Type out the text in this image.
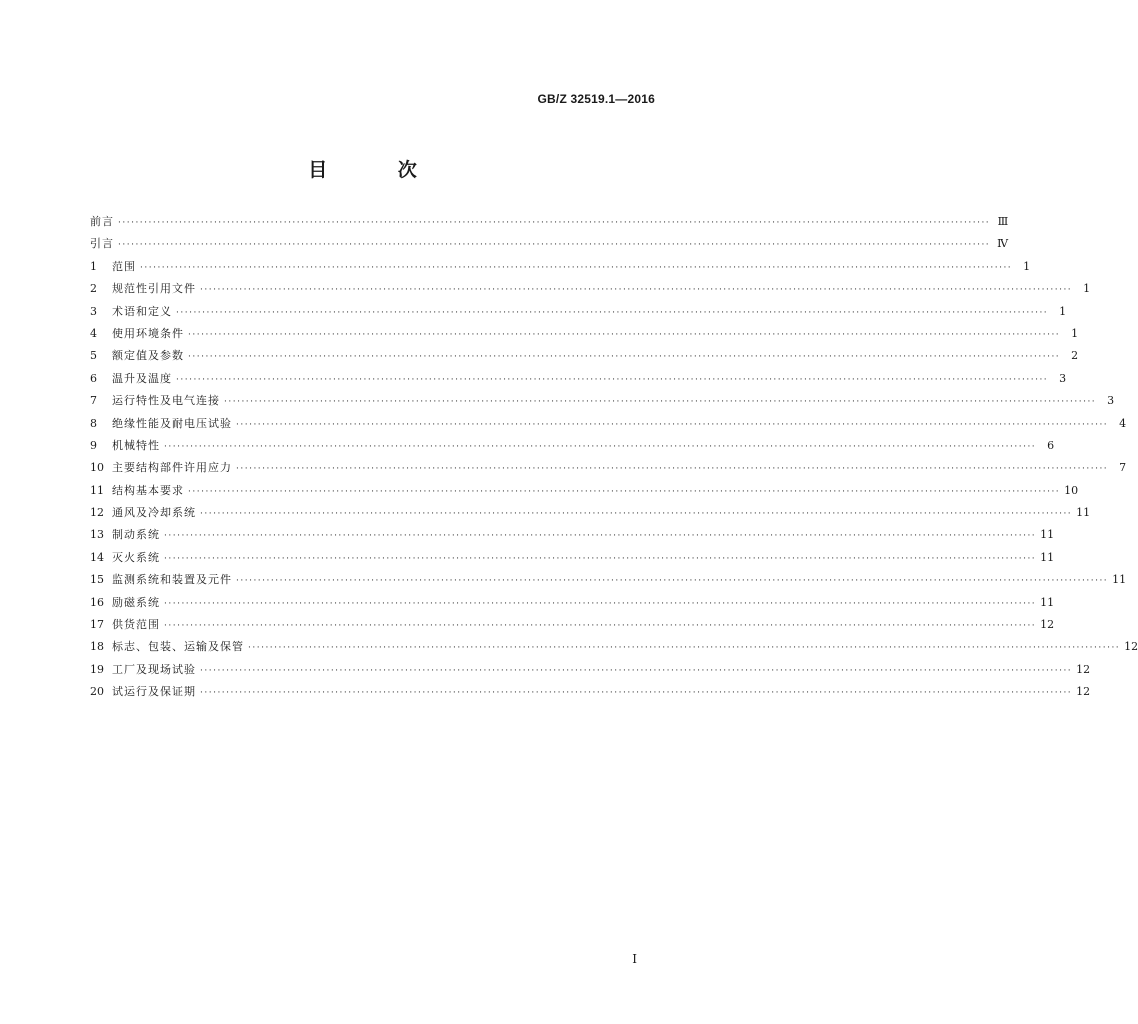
GB/Z 32519.1—2016
目 次
前言 ········································································································································································································ Ⅲ
引言 ········································································································································································································ Ⅳ
1	范围 ········································································································································································································	1
2	规范性引用文件 ········································································································································································································	1
3	术语和定义 ········································································································································································································	1
4	使用环境条件 ········································································································································································································	1
5	额定值及参数 ········································································································································································································	2
6	温升及温度 ········································································································································································································	3
7	运行特性及电气连接 ········································································································································································································	3
8	绝缘性能及耐电压试验 ········································································································································································································	4
9	机械特性 ········································································································································································································	6
10 主要结构部件许用应力 ········································································································································································································	7
11 结构基本要求 ········································································································································································································ 10
12 通风及冷却系统 ········································································································································································································ 11
13 制动系统 ········································································································································································································ 11
14 灭火系统 ········································································································································································································ 11
15 监测系统和装置及元件 ········································································································································································································ 11
16 励磁系统 ········································································································································································································ 11
17 供货范围 ········································································································································································································ 12
18 标志、包装、运输及保管 ········································································································································································································ 12
19 工厂及现场试验 ········································································································································································································ 12
20 试运行及保证期 ········································································································································································································ 12
I
